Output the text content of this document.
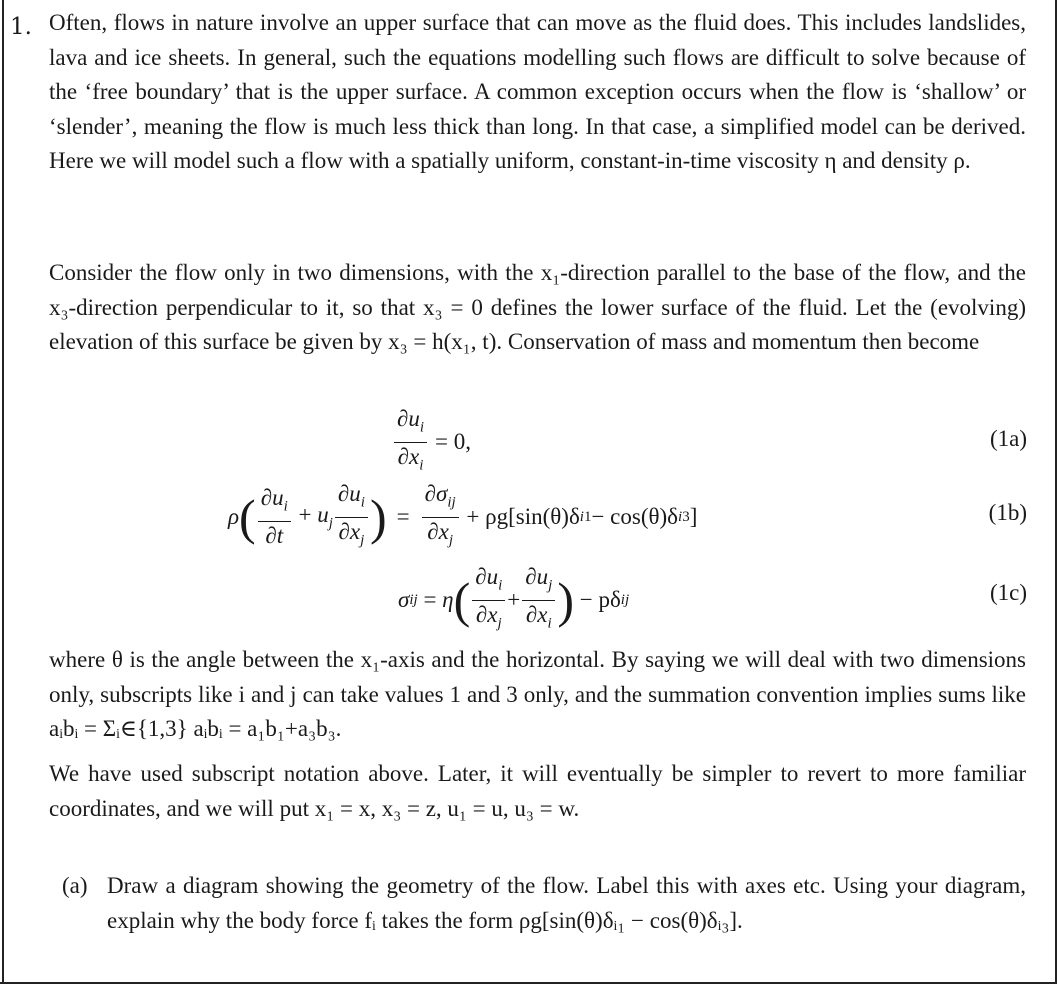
1. Often, flows in nature involve an upper surface that can move as the fluid does. This includes landslides, lava and ice sheets. In general, such the equations modelling such flows are difficult to solve because of the ‘free boundary’ that is the upper surface. A common exception occurs when the flow is ‘shallow’ or ‘slender’, meaning the flow is much less thick than long. In that case, a simplified model can be derived. Here we will model such a flow with a spatially uniform, constant-in-time viscosity η and density ρ.

Consider the flow only in two dimensions, with the x₁-direction parallel to the base of the flow, and the x₃-direction perpendicular to it, so that x₃ = 0 defines the lower surface of the fluid. Let the (evolving) elevation of this surface be given by x₃ = h(x₁, t). Conservation of mass and momentum then become

$\frac{\partial u_i}{\partial x_i} = 0$,	(1a)
ρ ( $\frac{\partial u_i}{\partial t} + u_j \frac{\partial u_i}{\partial x_j}$ ) = $\frac{\partial\sigma_{ij}}{\partial x_j}$
+ ρg[sin(θ)δ i1 − cos(θ)δ i3 ]	(1b)
σ ij = η ( $\frac{\partial u_i}{\partial x_j} + \frac{\partial u_j}{\partial x_i}$ )
− pδ ij	(1c)

where θ is the angle between the x₁-axis and the horizontal. By saying we will deal with two dimensions only, subscripts like i and j can take values 1 and 3 only, and the summation convention implies sums like aᵢbᵢ = Σᵢ∈{1,3} aᵢbᵢ = a₁b₁+a₃b₃.

We have used subscript notation above. Later, it will eventually be simpler to revert to more familiar coordinates, and we will put x₁ = x, x₃ = z, u₁ = u, u₃ = w.

(a) Draw a diagram showing the geometry of the flow. Label this with axes etc. Using your diagram, explain why the body force fᵢ takes the form ρg[sin(θ)δᵢ₁ − cos(θ)δᵢ₃].
